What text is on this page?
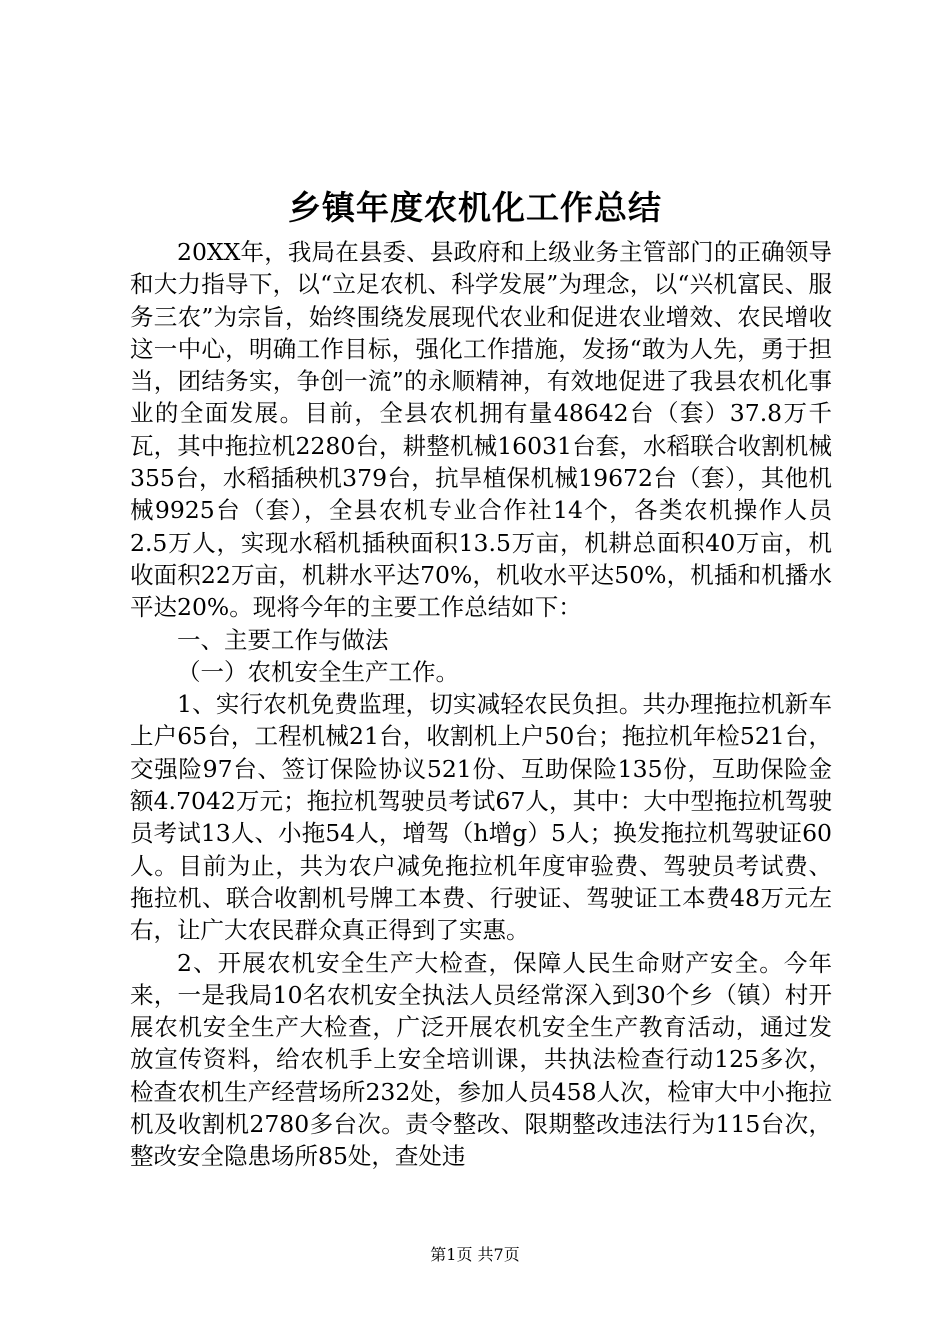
乡镇年度农机化工作总结

20XX年，我局在县委、县政府和上级业务主管部门的正确领导和大力指导下，以“立足农机、科学发展”为理念，以“兴机富民、服务三农”为宗旨，始终围绕发展现代农业和促进农业增效、农民增收这一中心，明确工作目标，强化工作措施，发扬“敢为人先，勇于担当，团结务实，争创一流”的永顺精神，有效地促进了我县农机化事业的全面发展。目前，全县农机拥有量48642台（套）37.8万千瓦，其中拖拉机2280台，耕整机械16031台套，水稻联合收割机械355台，水稻插秧机379台，抗旱植保机械19672台（套），其他机械9925台（套），全县农机专业合作社14个，各类农机操作人员2.5万人，实现水稻机插秧面积13.5万亩，机耕总面积40万亩，机收面积22万亩，机耕水平达70%，机收水平达50%，机插和机播水平达20%。现将今年的主要工作总结如下：

一、主要工作与做法

（一）农机安全生产工作。

1、实行农机免费监理，切实减轻农民负担。共办理拖拉机新车上户65台，工程机械21台，收割机上户50台；拖拉机年检521台，交强险97台、签订保险协议521份、互助保险135份，互助保险金额4.7042万元；拖拉机驾驶员考试67人，其中：大中型拖拉机驾驶员考试13人、小拖54人，增驾（h增g）5人；换发拖拉机驾驶证60人。目前为止，共为农户减免拖拉机年度审验费、驾驶员考试费、拖拉机、联合收割机号牌工本费、行驶证、驾驶证工本费48万元左右，让广大农民群众真正得到了实惠。

2、开展农机安全生产大检查，保障人民生命财产安全。今年来，一是我局10名农机安全执法人员经常深入到30个乡（镇）村开展农机安全生产大检查，广泛开展农机安全生产教育活动，通过发放宣传资料，给农机手上安全培训课，共执法检查行动125多次，检查农机生产经营场所232处，参加人员458人次，检审大中小拖拉机及收割机2780多台次。责令整改、限期整改违法行为115台次，整改安全隐患场所85处，查处违

第1页 共7页
